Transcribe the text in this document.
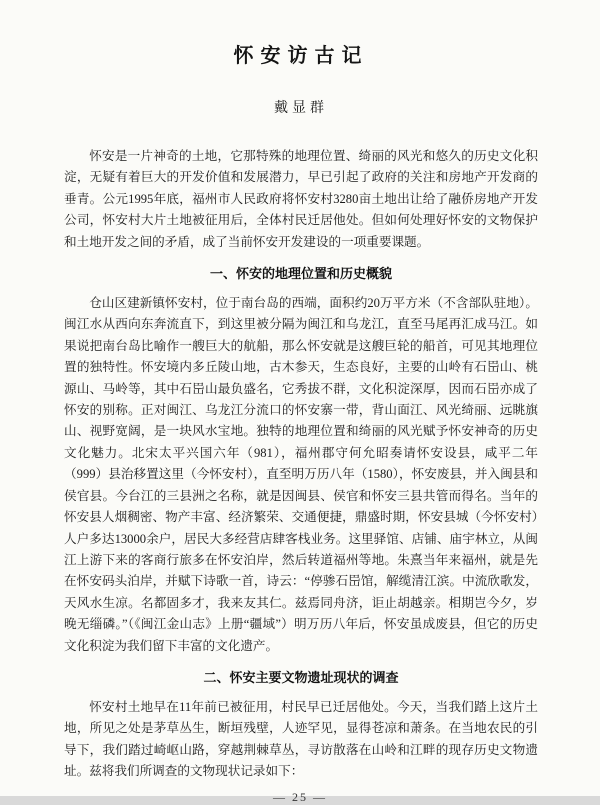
怀安访古记
戴显群

怀安是一片神奇的土地，它那特殊的地理位置、绮丽的风光和悠久的历史文化积淀，无疑有着巨大的开发价值和发展潜力，早已引起了政府的关注和房地产开发商的垂青。公元1995年底，福州市人民政府将怀安村3280亩土地出让给了融侨房地产开发公司，怀安村大片土地被征用后，全体村民迁居他处。但如何处理好怀安的文物保护和土地开发之间的矛盾，成了当前怀安开发建设的一项重要课题。

一、怀安的地理位置和历史概貌

仓山区建新镇怀安村，位于南台岛的西端，面积约20万平方米（不含部队驻地）。闽江水从西向东奔流直下，到这里被分隔为闽江和乌龙江，直至马尾再汇成马江。如果说把南台岛比喻作一艘巨大的航船，那么怀安就是这艘巨轮的船首，可见其地理位置的独特性。怀安境内多丘陵山地，古木参天，生态良好，主要的山岭有石岊山、桃源山、马岭等，其中石岊山最负盛名，它秀拔不群，文化积淀深厚，因而石岊亦成了怀安的别称。正对闽江、乌龙江分流口的怀安寨一带，背山面江、风光绮丽、远眺旗山、视野宽阔，是一块风水宝地。独特的地理位置和绮丽的风光赋予怀安神奇的历史文化魅力。北宋太平兴国六年（981），福州郡守何允昭奏请怀安设县，咸平二年（999）县治移置这里（今怀安村），直至明万历八年（1580），怀安废县，并入闽县和侯官县。今台江的三县洲之名称，就是因闽县、侯官和怀安三县共管而得名。当年的怀安县人烟稠密、物产丰富、经济繁荣、交通便捷，鼎盛时期，怀安县城（今怀安村）人户多达13000余户，居民大多经营店肆客栈业务。这里驿馆、店铺、庙宇林立，从闽江上游下来的客商行旅多在怀安泊岸，然后转道福州等地。朱熹当年来福州，就是先在怀安码头泊岸，并赋下诗歌一首，诗云：“停骖石岊馆，解缆清江滨。中流欣歌发，天风水生凉。名都固多才，我来友其仁。兹焉同舟济，讵止胡越亲。相期岂今夕，岁晚无缁磷。”（《闽江金山志》上册“疆域”）明万历八年后，怀安虽成废县，但它的历史文化积淀为我们留下丰富的文化遗产。

二、怀安主要文物遗址现状的调查

怀安村土地早在11年前已被征用，村民早已迁居他处。今天，当我们踏上这片土地，所见之处是茅草丛生，断垣残壁，人迹罕见，显得苍凉和萧条。在当地农民的引导下，我们踏过崎岖山路，穿越荆棘草丛，寻访散落在山岭和江畔的现存历史文物遗址。兹将我们所调查的文物现状记录如下：

— 25 —
